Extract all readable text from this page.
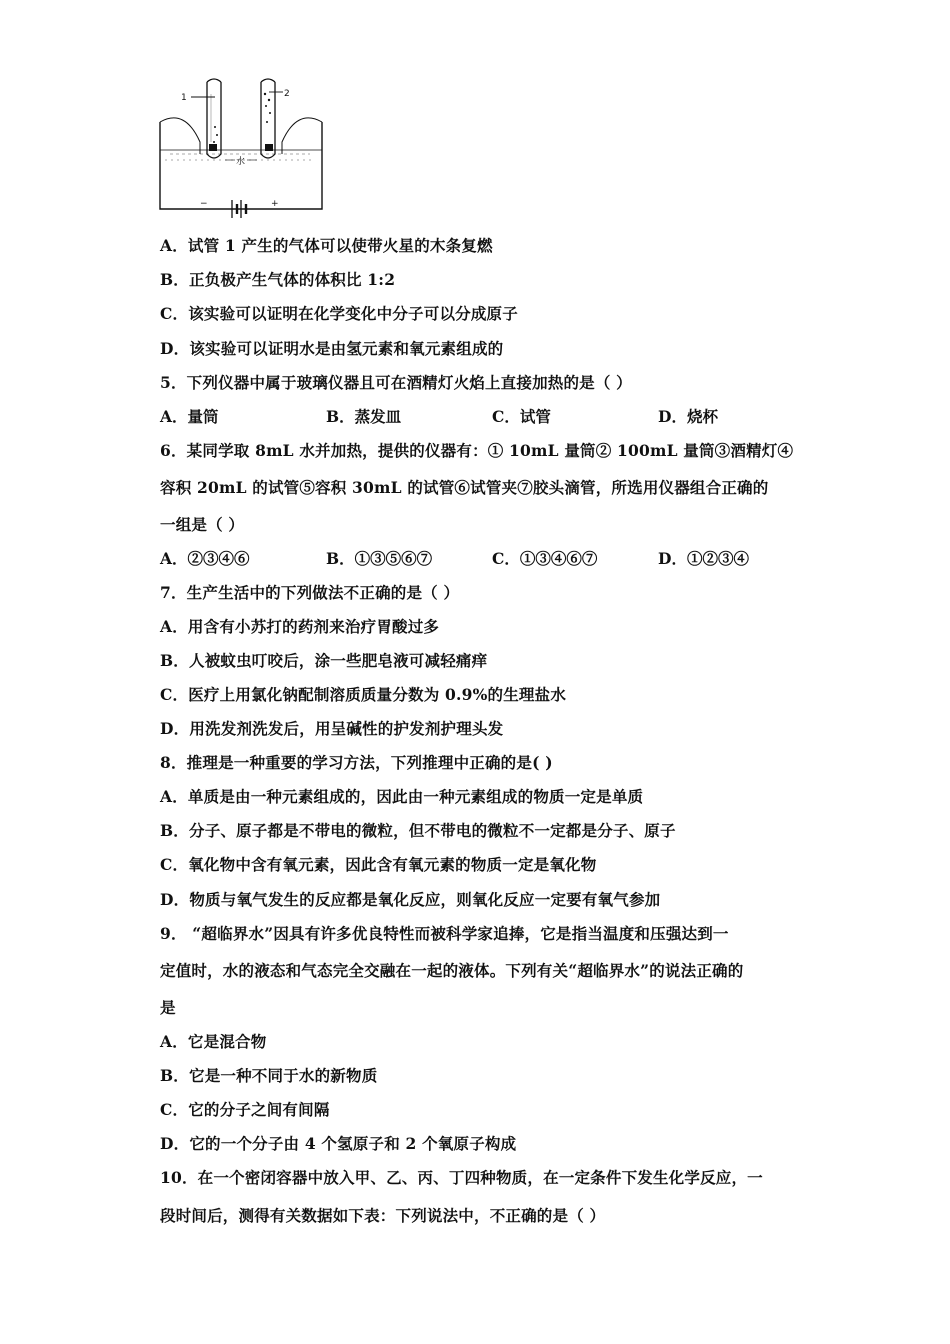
水
1	2
−	+
A．试管 1 产生的气体可以使带火星的木条复燃
B．正负极产生气体的体积比 1:2
C．该实验可以证明在化学变化中分子可以分成原子
D．该实验可以证明水是由氢元素和氧元素组成的
5．下列仪器中属于玻璃仪器且可在酒精灯火焰上直接加热的是（ ）
A．量筒	B．蒸发皿	C．试管	D．烧杯
6．某同学取 8mL 水并加热，提供的仪器有：① 10mL 量筒② 100mL 量筒③酒精灯④
容积 20mL 的试管⑤容积 30mL 的试管⑥试管夹⑦胶头滴管，所选用仪器组合正确的
一组是（ ）
A．②③④⑥	B．①③⑤⑥⑦	C．①③④⑥⑦	D．①②③④
7．生产生活中的下列做法不正确的是（ ）
A．用含有小苏打的药剂来治疗胃酸过多
B．人被蚊虫叮咬后，涂一些肥皂液可减轻痛痒
C．医疗上用氯化钠配制溶质质量分数为 0.9%的生理盐水
D．用洗发剂洗发后，用呈碱性的护发剂护理头发
8．推理是一种重要的学习方法，下列推理中正确的是( )
A．单质是由一种元素组成的，因此由一种元素组成的物质一定是单质
B．分子、原子都是不带电的微粒，但不带电的微粒不一定都是分子、原子
C．氧化物中含有氧元素，因此含有氧元素的物质一定是氧化物
D．物质与氧气发生的反应都是氧化反应，则氧化反应一定要有氧气参加
9． “超临界水”因具有许多优良特性而被科学家追捧，它是指当温度和压强达到一
定值时，水的液态和气态完全交融在一起的液体。下列有关“超临界水”的说法正确的
是
A．它是混合物
B．它是一种不同于水的新物质
C．它的分子之间有间隔
D．它的一个分子由 4 个氢原子和 2 个氧原子构成
10．在一个密闭容器中放入甲、乙、丙、丁四种物质，在一定条件下发生化学反应，一
段时间后，测得有关数据如下表：下列说法中，不正确的是（ ）
